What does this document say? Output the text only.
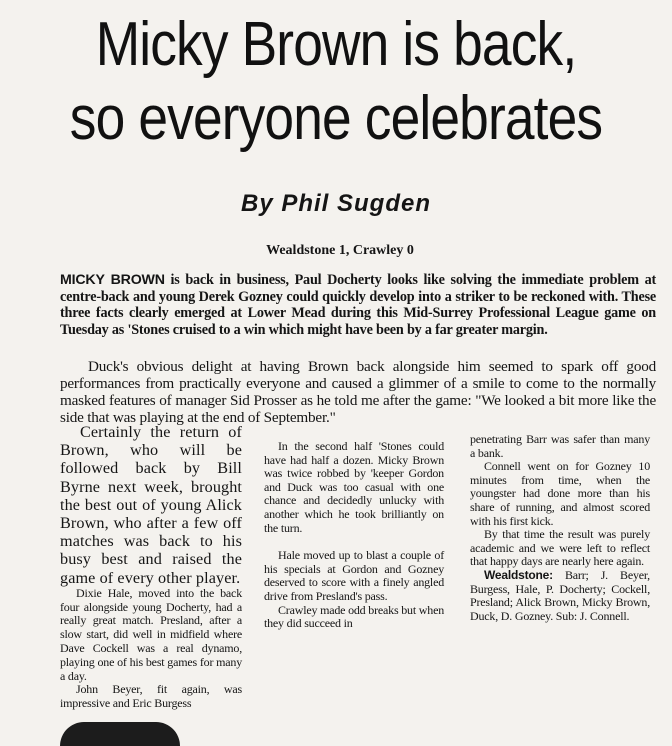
Micky Brown is back,
so everyone celebrates
By Phil Sugden
Wealdstone 1, Crawley 0

MICKY BROWN is back in business, Paul Docherty looks like solving the immediate problem at centre-back and young Derek Gozney could quickly develop into a striker to be reckoned with. These three facts clearly emerged at Lower Mead during this Mid-Surrey Professional League game on Tuesday as 'Stones cruised to a win which might have been by a far greater margin.

Duck's obvious delight at having Brown back alongside him seemed to spark off good performances from practically everyone and caused a glimmer of a smile to come to the normally masked features of manager Sid Prosser as he told me after the game: "We looked a bit more like the side that was playing at the end of September."

Certainly the return of Brown, who will be followed back by Bill Byrne next week, brought the best out of young Alick Brown, who after a few off matches was back to his busy best and raised the game of every other player.

Dixie Hale, moved into the back four alongside young Docherty, had a really great match. Presland, after a slow start, did well in midfield where Dave Cockell was a real dynamo, playing one of his best games for many a day.

John Beyer, fit again, was impressive and Eric Burgess

In the second half 'Stones could have had half a dozen. Micky Brown was twice robbed by 'keeper Gordon and Duck was too casual with one chance and decidedly unlucky with another which he took brilliantly on the turn.

Hale moved up to blast a couple of his specials at Gordon and Gozney deserved to score with a finely angled drive from Presland's pass.

Crawley made odd breaks but when they did succeed in

penetrating Barr was safer than many a bank.

Connell went on for Gozney 10 minutes from time, when the youngster had done more than his share of running, and almost scored with his first kick.

By that time the result was purely academic and we were left to reflect that happy days are nearly here again.

Wealdstone: Barr; J. Beyer, Burgess, Hale, P. Docherty; Cockell, Presland; Alick Brown, Micky Brown, Duck, D. Gozney. Sub: J. Connell.
